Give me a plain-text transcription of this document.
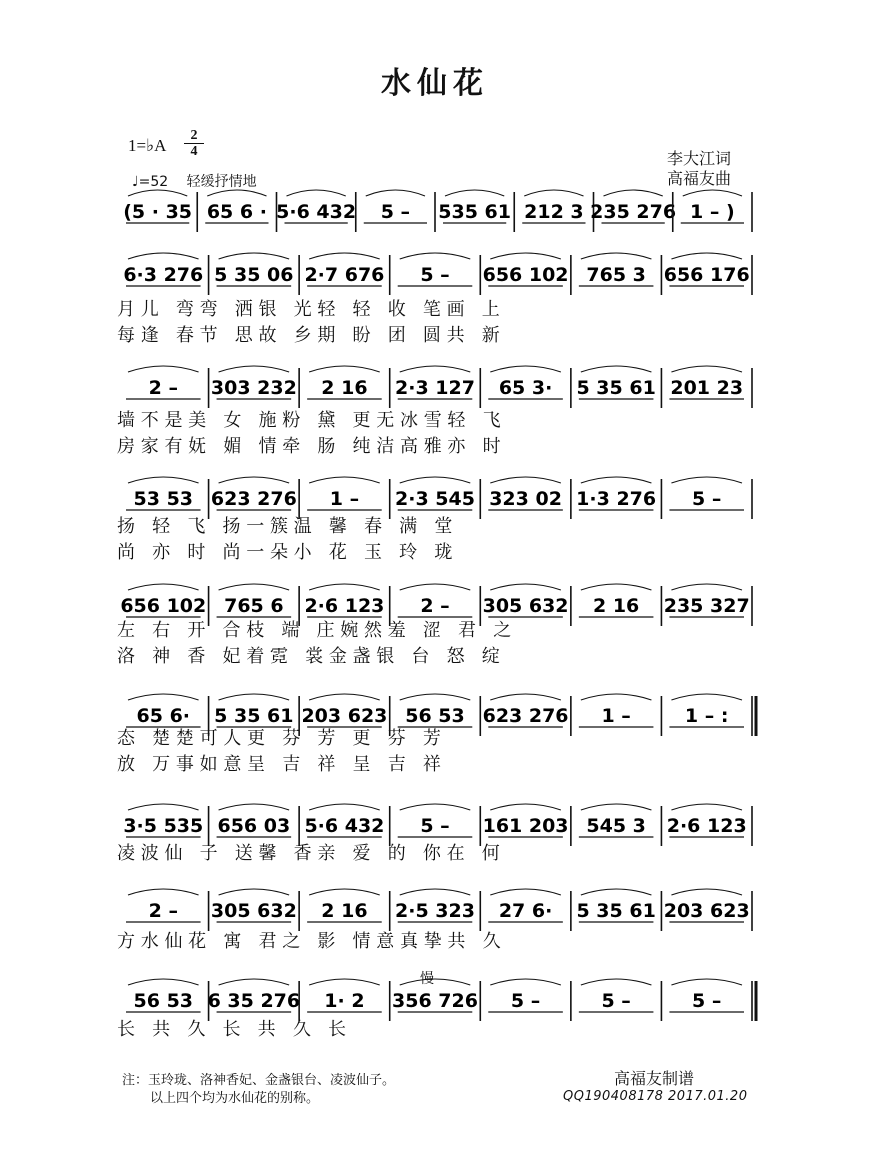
水仙花
1=♭A
2
4
♩=52 轻缓抒情地
李大江词
高福友曲
(5 · 35 65 6 · 5·6 432 5 – 535 61 212 3 235 276 1 – )
6·3 276 5 35 06 2·7 676 5 – 656 102 765 3 656 176
2 – 303 232 2 16 2·3 127 65 3· 5 35 61 201 23
53 53 623 276 1 – 2·3 545 323 02 1·3 276 5 –
656 102 765 6 2·6 123 2 – 305 632 2 16 235 327
65 6· 5 35 61 203 623 56 53 623 276 1 –	1 – :
3·5 535 656 03 5·6 432 5 – 161 203 545 3 2·6 123
2 – 305 632 2 16 2·5 323 27 6· 5 35 61 203 623
56 53 6 35 276 1· 2 356 726 5 –	5 –	5 –
慢
月 儿   弯 弯   洒 银   光 轻   轻   收   笔 画   上
每 逢   春 节   思 故   乡 期   盼   团   圆 共   新
墙 不 是 美   女   施 粉   黛   更 无 冰 雪 轻   飞
房 家 有 妩   媚   情 牵   肠   纯 洁 高 雅 亦   时
扬   轻   飞   扬 一 簇 温   馨   春   满   堂
尚   亦   时   尚 一 朵 小   花   玉   玲   珑
左   右   开   合 枝   端   庄 婉 然 羞   涩   君   之
洛   神   香   妃 着 霓   裳 金 盏 银   台   怒   绽
态   楚 楚 可 人 更   芬   芳   更   芬   芳
放   万 事 如 意 呈   吉   祥   呈   吉   祥
凌 波 仙   子   送 馨   香 亲   爱   的   你 在   何
方 水 仙 花   寓   君 之   影   情 意 真 挚 共   久
长   共   久   长   共   久   长
注：玉玲珑、洛神香妃、金盏银台、凌波仙子。
以上四个均为水仙花的别称。
高福友制谱
QQ190408178 2017.01.20
